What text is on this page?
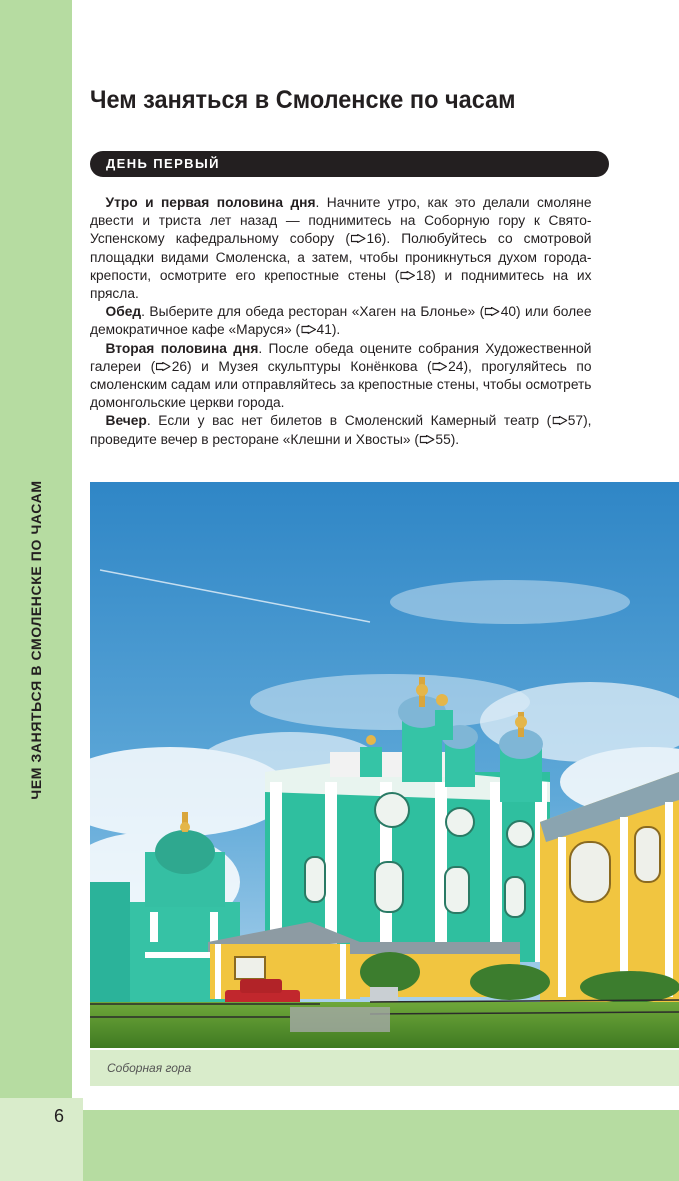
ЧЕМ ЗАНЯТЬСЯ В СМОЛЕНСКЕ ПО ЧАСАМ
Чем заняться в Смоленске по часам
ДЕНЬ ПЕРВЫЙ

Утро и первая половина дня. Начните утро, как это делали смоляне двести и триста лет назад — поднимитесь на Соборную гору к Свято-Успенскому кафедральному собору ( 16). Полюбуйтесь со смотровой площадки видами Смоленска, а затем, чтобы проникнуться духом города-крепости, осмотрите его крепостные стены ( 18) и поднимитесь на их прясла.

Обед. Выберите для обеда ресторан «Хаген на Блонье» ( 40) или более демократичное кафе «Маруся» ( 41).

Вторая половина дня. После обеда оцените собрания Художественной галереи ( 26) и Музея скульптуры Конёнкова ( 24), прогуляйтесь по смоленским садам или отправляйтесь за крепостные стены, чтобы осмотреть домонгольские церкви города.

Вечер. Если у вас нет билетов в Смоленский Камерный театр ( 57), проведите вечер в ресторане «Клешни и Хвосты» ( 55).

Соборная гора
6
